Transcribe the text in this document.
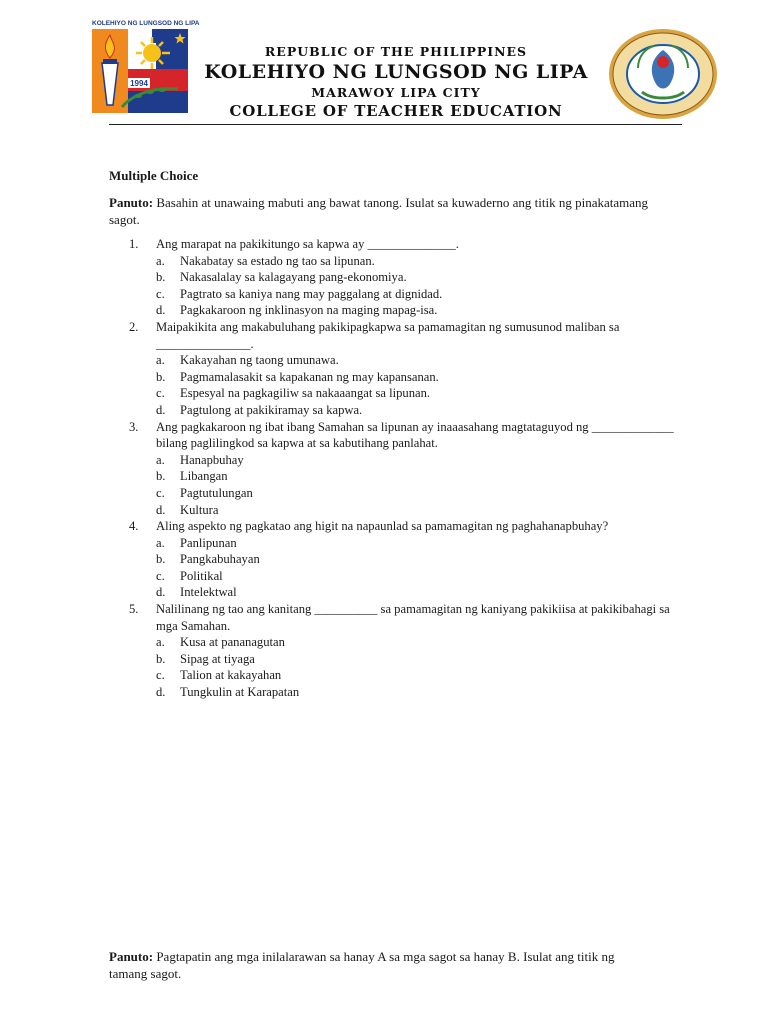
KOLEHIYO NG LUNGSOD NG LIPA
1994
REPUBLIC OF THE PHILIPPINES
KOLEHIYO NG LUNGSOD NG LIPA
MARAWOY LIPA CITY
COLLEGE OF TEACHER EDUCATION
Multiple Choice
Panuto: Basahin at unawaing mabuti ang bawat tanong. Isulat sa kuwaderno ang titik ng pinakatamang sagot.
1. Ang marapat na pakikitungo sa kapwa ay ______________.
a. Nakabatay sa estado ng tao sa lipunan.
b. Nakasalalay sa kalagayang pang-ekonomiya.
c. Pagtrato sa kaniya nang may paggalang at dignidad.
d. Pagkakaroon ng inklinasyon na maging mapag-isa.
2. Maipakikita ang makabuluhang pakikipagkapwa sa pamamagitan ng sumusunod maliban sa _______________.
a. Kakayahan ng taong umunawa.
b. Pagmamalasakit sa kapakanan ng may kapansanan.
c. Espesyal na pagkagiliw sa nakaaangat sa lipunan.
d. Pagtulong at pakikiramay sa kapwa.
3. Ang pagkakaroon ng ibat ibang Samahan sa lipunan ay inaaasahang magtataguyod ng _____________ bilang paglilingkod sa kapwa at sa kabutihang panlahat.
a. Hanapbuhay
b. Libangan
c. Pagtutulungan
d. Kultura
4. Aling aspekto ng pagkatao ang higit na napaunlad sa pamamagitan ng paghahanapbuhay?
a. Panlipunan
b. Pangkabuhayan
c. Politikal
d. Intelektwal
5. Nalilinang ng tao ang kanitang __________ sa pamamagitan ng kaniyang pakikiisa at pakikibahagi sa mga Samahan.
a. Kusa at pananagutan
b. Sipag at tiyaga
c. Talion at kakayahan
d. Tungkulin at Karapatan
Panuto: Pagtapatin ang mga inilalarawan sa hanay A sa mga sagot sa hanay B. Isulat ang titik ng tamang sagot.
